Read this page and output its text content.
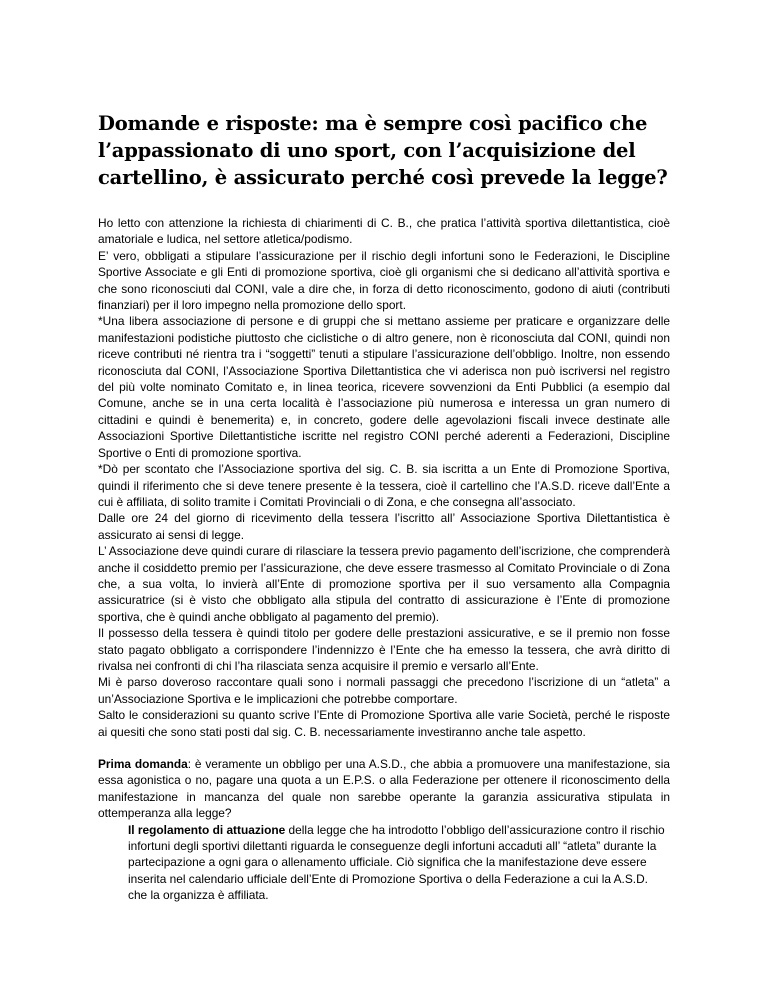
Domande e risposte: ma è sempre così pacifico che l’appassionato di uno sport, con l’acquisizione del cartellino, è assicurato perché così prevede la legge?

Ho letto con attenzione la richiesta di chiarimenti di C. B., che pratica l’attività sportiva dilettantistica, cioè amatoriale e ludica, nel settore atletica/podismo.

E’ vero, obbligati a stipulare l’assicurazione per il rischio degli infortuni sono le Federazioni, le Discipline Sportive Associate e gli Enti di promozione sportiva, cioè gli organismi che si dedicano all’attività sportiva e che sono riconosciuti dal CONI, vale a dire che, in forza di detto riconoscimento, godono di aiuti (contributi finanziari) per il loro impegno nella promozione dello sport.

*Una libera associazione di persone e di gruppi che si mettano assieme per praticare e organizzare delle manifestazioni podistiche piuttosto che ciclistiche o di altro genere, non è riconosciuta dal CONI, quindi non riceve contributi né rientra tra i “soggetti” tenuti a stipulare l’assicurazione dell’obbligo. Inoltre, non essendo riconosciuta dal CONI, l’Associazione Sportiva Dilettantistica che vi aderisca non può iscriversi nel registro del più volte nominato Comitato e, in linea teorica, ricevere sovvenzioni da Enti Pubblici (a esempio dal Comune, anche se in una certa località è l’associazione più numerosa e interessa un gran numero di cittadini e quindi è benemerita) e, in concreto, godere delle agevolazioni fiscali invece destinate alle Associazioni Sportive Dilettantistiche iscritte nel registro CONI perché aderenti a Federazioni, Discipline Sportive o Enti di promozione sportiva.

*Dò per scontato che l’Associazione sportiva del sig. C. B. sia iscritta a un Ente di Promozione Sportiva, quindi il riferimento che si deve tenere presente è la tessera, cioè il cartellino che l’A.S.D. riceve dall’Ente a cui è affiliata, di solito tramite i Comitati Provinciali o di Zona, e che consegna all’associato.

Dalle ore 24 del giorno di ricevimento della tessera l’iscritto all’ Associazione Sportiva Dilettantistica è assicurato ai sensi di legge.

L’ Associazione deve quindi curare di rilasciare la tessera previo pagamento dell’iscrizione, che comprenderà anche il cosiddetto premio per l’assicurazione, che deve essere trasmesso al Comitato Provinciale o di Zona che, a sua volta, lo invierà all’Ente di promozione sportiva per il suo versamento alla Compagnia assicuratrice (si è visto che obbligato alla stipula del contratto di assicurazione è l’Ente di promozione sportiva, che è quindi anche obbligato al pagamento del premio).

Il possesso della tessera è quindi titolo per godere delle prestazioni assicurative, e se il premio non fosse stato pagato obbligato a corrispondere l’indennizzo è l’Ente che ha emesso la tessera, che avrà diritto di rivalsa nei confronti di chi l’ha rilasciata senza acquisire il premio e versarlo all’Ente.

Mi è parso doveroso raccontare quali sono i normali passaggi che precedono l’iscrizione di un “atleta” a un’Associazione Sportiva e le implicazioni che potrebbe comportare.

Salto le considerazioni su quanto scrive l’Ente di Promozione Sportiva alle varie Società, perché le risposte ai quesiti che sono stati posti dal sig. C. B. necessariamente investiranno anche tale aspetto.

Prima domanda: è veramente un obbligo per una A.S.D., che abbia a promuovere una manifestazione, sia essa agonistica o no, pagare una quota a un E.P.S. o alla Federazione per ottenere il riconoscimento della manifestazione in mancanza del quale non sarebbe operante la garanzia assicurativa stipulata in ottemperanza alla legge?

Il regolamento di attuazione della legge che ha introdotto l’obbligo dell’assicurazione contro il rischio infortuni degli sportivi dilettanti riguarda le conseguenze degli infortuni accaduti all’ “atleta” durante la partecipazione a ogni gara o allenamento ufficiale. Ciò significa che la manifestazione deve essere inserita nel calendario ufficiale dell’Ente di Promozione Sportiva o della Federazione a cui la A.S.D. che la organizza è affiliata.
